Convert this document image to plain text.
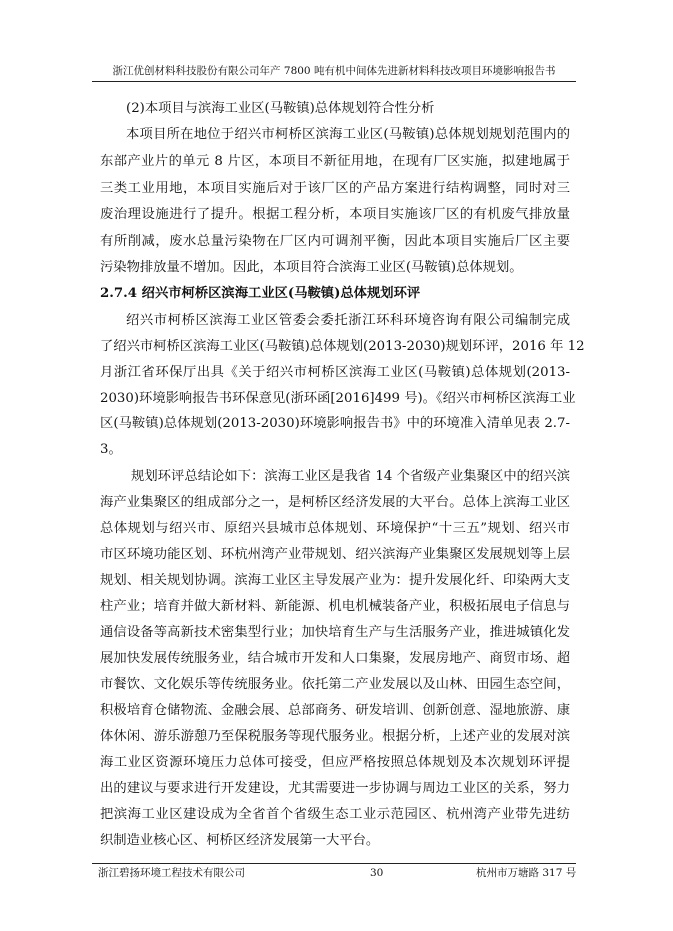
浙江优创材料科技股份有限公司年产 7800 吨有机中间体先进新材料科技改项目环境影响报告书
(2)本项目与滨海工业区(马鞍镇)总体规划符合性分析
本项目所在地位于绍兴市柯桥区滨海工业区(马鞍镇)总体规划规划范围内的
东部产业片的单元 8 片区，本项目不新征用地，在现有厂区实施，拟建地属于
三类工业用地，本项目实施后对于该厂区的产品方案进行结构调整，同时对三
废治理设施进行了提升。根据工程分析，本项目实施该厂区的有机废气排放量
有所削减，废水总量污染物在厂区内可调剂平衡，因此本项目实施后厂区主要
污染物排放量不增加。因此，本项目符合滨海工业区(马鞍镇)总体规划。
2.7.4 绍兴市柯桥区滨海工业区(马鞍镇)总体规划环评
绍兴市柯桥区滨海工业区管委会委托浙江环科环境咨询有限公司编制完成
了绍兴市柯桥区滨海工业区(马鞍镇)总体规划(2013-2030)规划环评，2016 年 12
月浙江省环保厅出具《关于绍兴市柯桥区滨海工业区(马鞍镇)总体规划(2013-
2030)环境影响报告书环保意见(浙环函[2016]499 号)。《绍兴市柯桥区滨海工业
区(马鞍镇)总体规划(2013-2030)环境影响报告书》中的环境准入清单见表 2.7-
3。
规划环评总结论如下：滨海工业区是我省 14 个省级产业集聚区中的绍兴滨
海产业集聚区的组成部分之一，是柯桥区经济发展的大平台。总体上滨海工业区
总体规划与绍兴市、原绍兴县城市总体规划、环境保护“十三五”规划、绍兴市
市区环境功能区划、环杭州湾产业带规划、绍兴滨海产业集聚区发展规划等上层
规划、相关规划协调。滨海工业区主导发展产业为：提升发展化纤、印染两大支
柱产业；培育并做大新材料、新能源、机电机械装备产业，积极拓展电子信息与
通信设备等高新技术密集型行业；加快培育生产与生活服务产业，推进城镇化发
展加快发展传统服务业，结合城市开发和人口集聚，发展房地产、商贸市场、超
市餐饮、文化娱乐等传统服务业。依托第二产业发展以及山林、田园生态空间，
积极培育仓储物流、金融会展、总部商务、研发培训、创新创意、湿地旅游、康
体休闲、游乐游憩乃至保税服务等现代服务业。根据分析，上述产业的发展对滨
海工业区资源环境压力总体可接受，但应严格按照总体规划及本次规划环评提
出的建议与要求进行开发建设，尤其需要进一步协调与周边工业区的关系，努力
把滨海工业区建设成为全省首个省级生态工业示范园区、杭州湾产业带先进纺
织制造业核心区、柯桥区经济发展第一大平台。
浙江碧扬环境工程技术有限公司	30	杭州市万塘路 317 号
